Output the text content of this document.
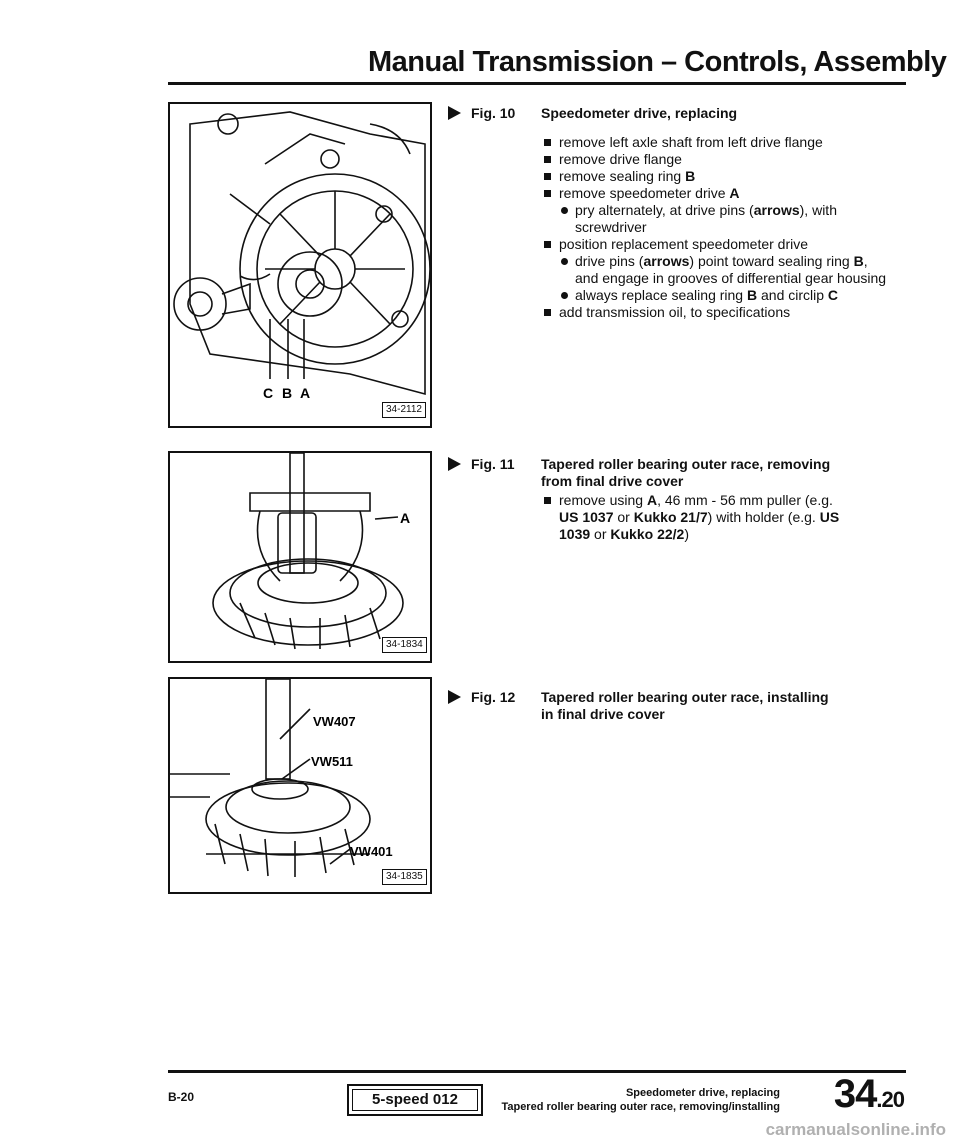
Manual Transmission – Controls, Assembly
C B A
34-2112
A
34-1834
VW407
VW511
VW401
34-1835
Fig. 10	Speedometer drive, replacing
remove left axle shaft from left drive flange
remove drive flange
remove sealing ring B
remove speedometer drive A
pry alternately, at drive pins (arrows), with screwdriver
position replacement speedometer drive
drive pins (arrows) point toward sealing ring B, and engage in grooves of differential gear housing
always replace sealing ring B and circlip C
add transmission oil, to specifications
Fig. 11	Tapered roller bearing outer race, removing from final drive cover
remove using A, 46 mm - 56 mm puller (e.g. US 1037 or Kukko 21/7) with holder (e.g. US 1039 or Kukko 22/2)
Fig. 12	Tapered roller bearing outer race, installing in final drive cover
B-20	5-speed 012	Speedometer drive, replacing
Tapered roller bearing outer race, removing/installing 34.20
carmanualsonline.info
